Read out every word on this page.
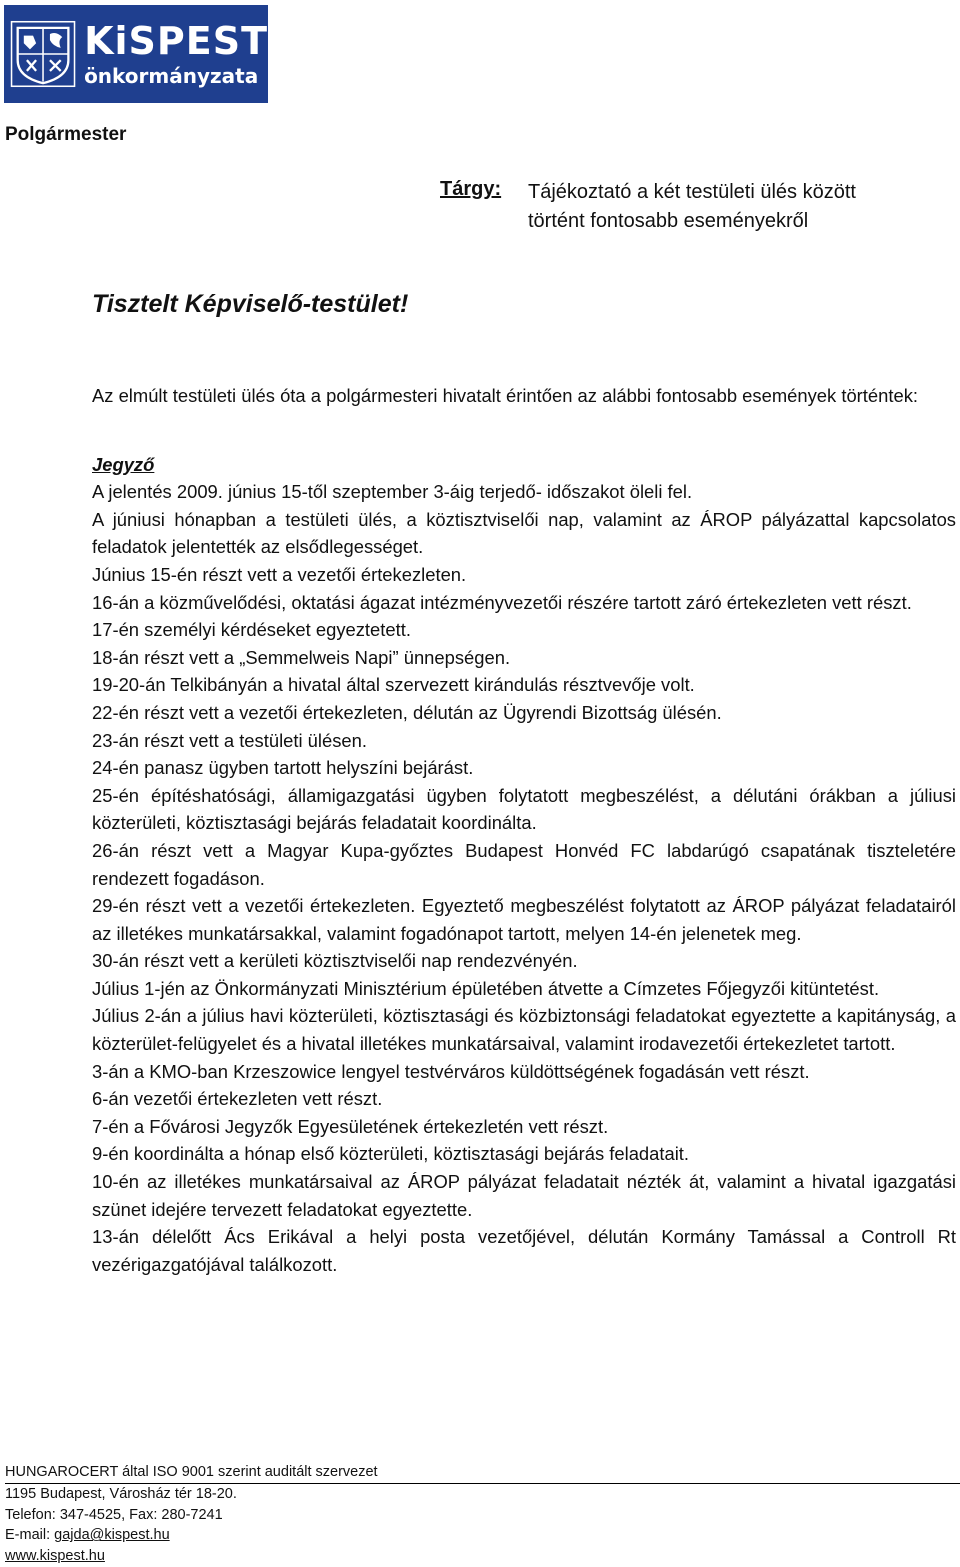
KiSPEST
önkormányzata
Polgármester
Tárgy: Tájékoztató a két testületi ülés között
történt fontosabb eseményekről
Tisztelt Képviselő-testület!

Az elmúlt testületi ülés óta a polgármesteri hivatalt érintően az alábbi fontosabb események történtek:

Jegyző

A jelentés 2009. június 15-től szeptember 3-áig terjedő- időszakot öleli fel.

A júniusi hónapban a testületi ülés, a köztisztviselői nap, valamint az ÁROP pályázattal kapcsolatos feladatok jelentették az elsődlegességet.

Június 15-én részt vett a vezetői értekezleten.

16-án a közművelődési, oktatási ágazat intézményvezetői részére tartott záró értekezleten vett részt.

17-én személyi kérdéseket egyeztetett.

18-án részt vett a „Semmelweis Napi” ünnepségen.

19-20-án Telkibányán a hivatal által szervezett kirándulás résztvevője volt.

22-én részt vett a vezetői értekezleten, délután az Ügyrendi Bizottság ülésén.

23-án részt vett a testületi ülésen.

24-én panasz ügyben tartott helyszíni bejárást.

25-én építéshatósági, államigazgatási ügyben folytatott megbeszélést, a délutáni órákban a júliusi közterületi, köztisztasági bejárás feladatait koordinálta.

26-án részt vett a Magyar Kupa-győztes Budapest Honvéd FC labdarúgó csapatának tiszteletére rendezett fogadáson.

29-én részt vett a vezetői értekezleten. Egyeztető megbeszélést folytatott az ÁROP pályázat feladatairól az illetékes munkatársakkal, valamint fogadónapot tartott, melyen 14-én jelenetek meg.

30-án részt vett a kerületi köztisztviselői nap rendezvényén.

Július 1-jén az Önkormányzati Minisztérium épületében átvette a Címzetes Főjegyzői kitüntetést.

Július 2-án a július havi közterületi, köztisztasági és közbiztonsági feladatokat egyeztette a kapitányság, a közterület-felügyelet és a hivatal illetékes munkatársaival, valamint irodavezetői értekezletet tartott.

3-án a KMO-ban Krzeszowice lengyel testvérváros küldöttségének fogadásán vett részt.

6-án vezetői értekezleten vett részt.

7-én a Fővárosi Jegyzők Egyesületének értekezletén vett részt.

9-én koordinálta a hónap első közterületi, köztisztasági bejárás feladatait.

10-én az illetékes munkatársaival az ÁROP pályázat feladatait nézték át, valamint a hivatal igazgatási szünet idejére tervezett feladatokat egyeztette.

13-án délelőtt Ács Erikával a helyi posta vezetőjével, délután Kormány Tamással a Controll Rt vezérigazgatójával találkozott.

HUNGAROCERT által ISO 9001 szerint auditált szervezet
1195 Budapest, Városház tér 18-20.
Telefon: 347-4525, Fax: 280-7241
E-mail: gajda@kispest.hu
www.kispest.hu
